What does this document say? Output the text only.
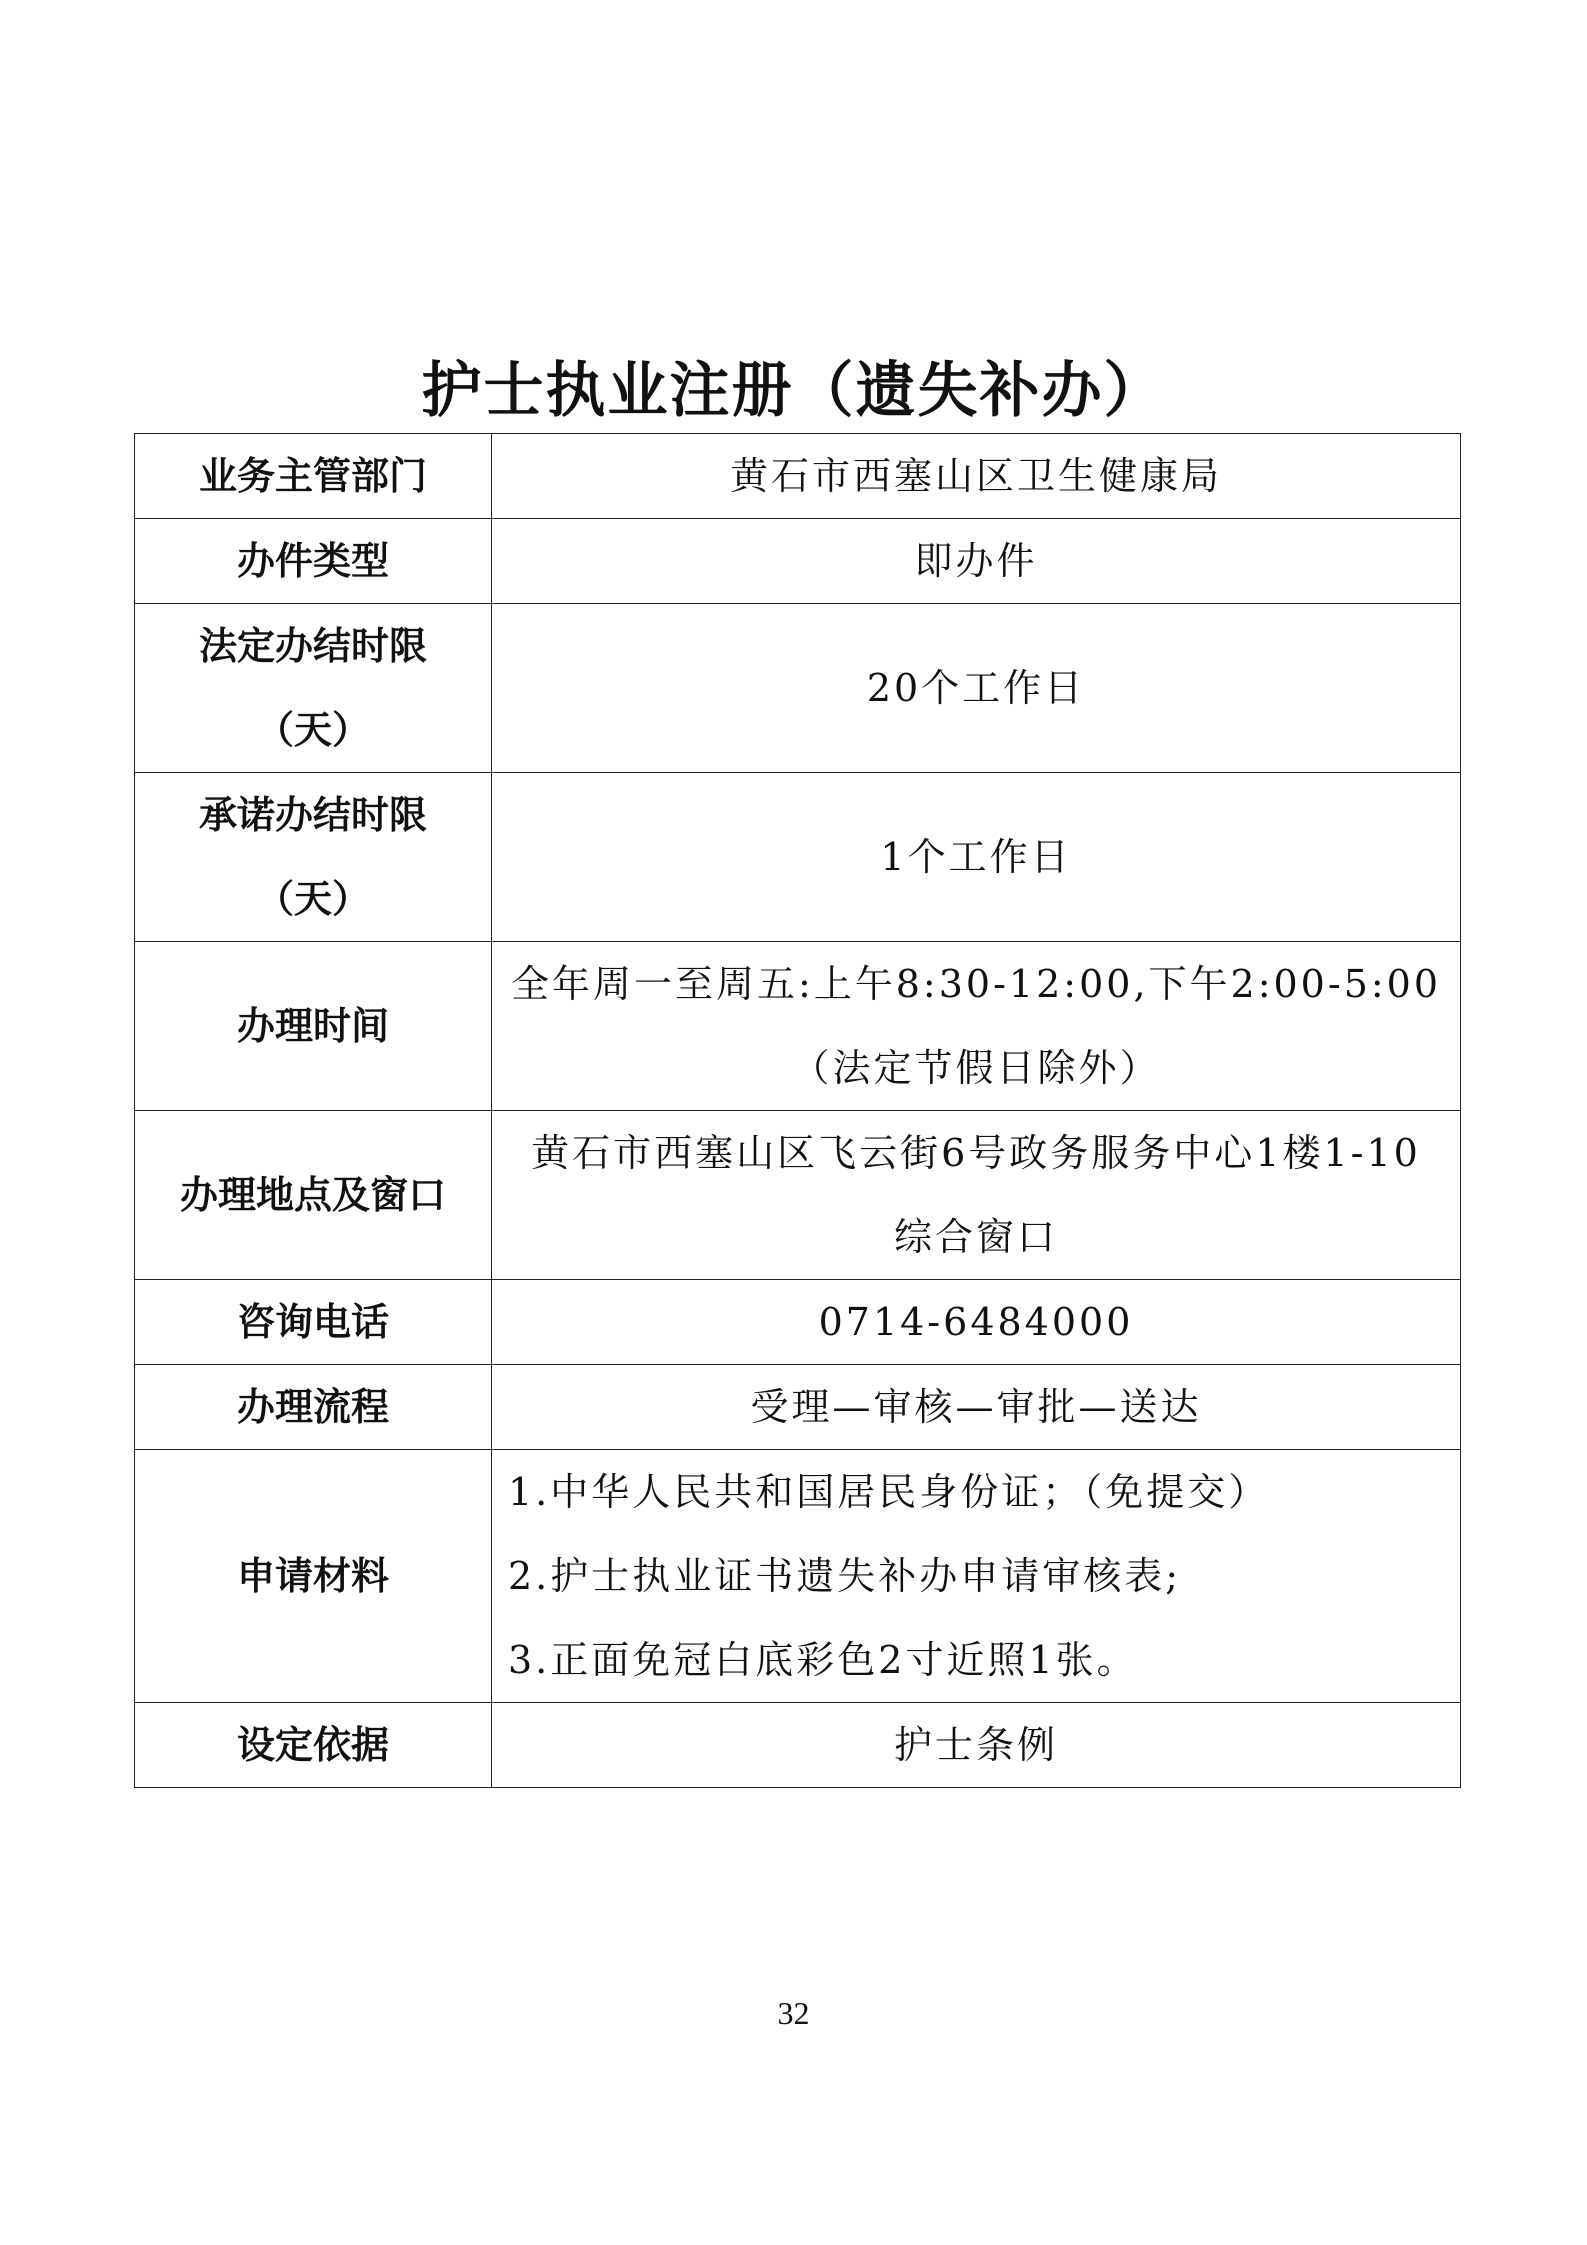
护士执业注册（遗失补办）
业务主管部门	黄石市西塞山区卫生健康局
办件类型	即办件

法定办结时限
（天）	20个工作日

承诺办结时限
（天）	1个工作日
办理时间	全年周一至周五:上午8:30-12:00,下午2:00-5:00
（法定节假日除外）

办理地点及窗口	黄石市西塞山区飞云街6号政务服务中心1楼1-10
综合窗口

咨询电话	0714-6484000
办理流程	受理—审核—审批—送达
申请材料	1.中华人民共和国居民身份证；（免提交）
2.护士执业证书遗失补办申请审核表;
3.正面免冠白底彩色2寸近照1张。

设定依据	护士条例
32
